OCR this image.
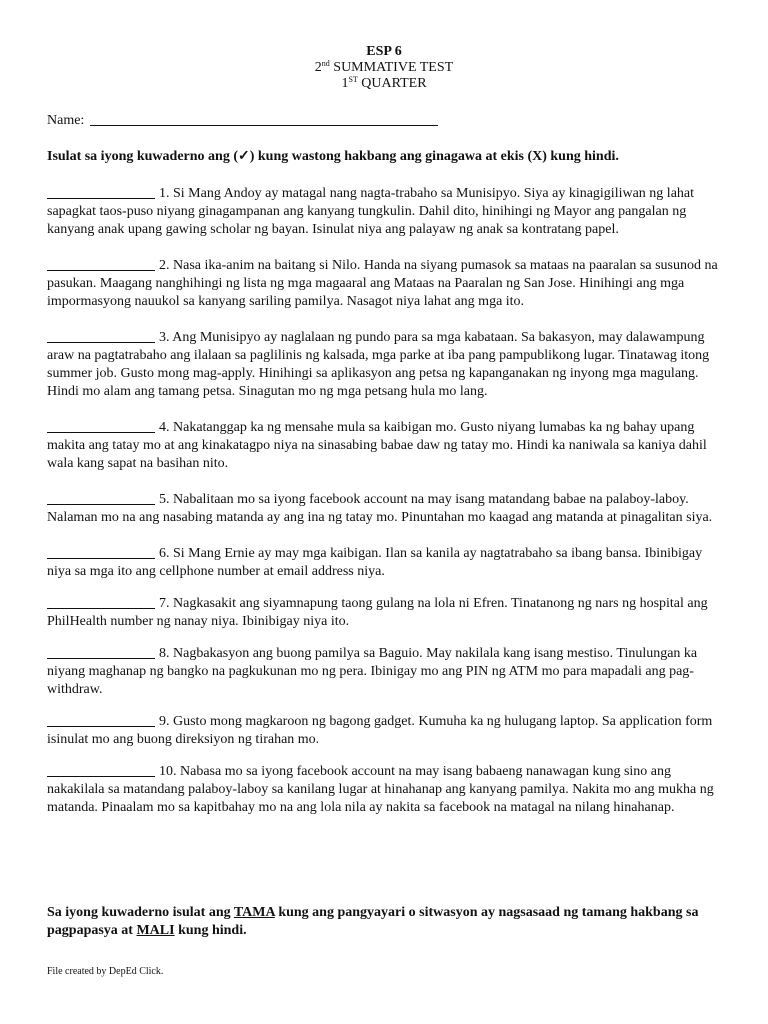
ESP 6
2nd SUMMATIVE TEST
1ST QUARTER
Name:
Isulat sa iyong kuwaderno ang (✓) kung wastong hakbang ang ginagawa at ekis (X) kung hindi.

1. Si Mang Andoy ay matagal nang nagta-trabaho sa Munisipyo. Siya ay kinagigiliwan ng lahat sapagkat taos-puso niyang ginagampanan ang kanyang tungkulin. Dahil dito, hinihingi ng Mayor ang pangalan ng kanyang anak upang gawing scholar ng bayan. Isinulat niya ang palayaw ng anak sa kontratang papel.

2. Nasa ika-anim na baitang si Nilo. Handa na siyang pumasok sa mataas na paaralan sa susunod na pasukan. Maagang nanghihingi ng lista ng mga magaaral ang Mataas na Paaralan ng San Jose. Hinihingi ang mga impormasyong nauukol sa kanyang sariling pamilya. Nasagot niya lahat ang mga ito.

3. Ang Munisipyo ay naglalaan ng pundo para sa mga kabataan. Sa bakasyon, may dalawampung araw na pagtatrabaho ang ilalaan sa paglilinis ng kalsada, mga parke at iba pang pampublikong lugar. Tinatawag itong summer job. Gusto mong mag-apply. Hinihingi sa aplikasyon ang petsa ng kapanganakan ng inyong mga magulang. Hindi mo alam ang tamang petsa. Sinagutan mo ng mga petsang hula mo lang.

4. Nakatanggap ka ng mensahe mula sa kaibigan mo. Gusto niyang lumabas ka ng bahay upang makita ang tatay mo at ang kinakatagpo niya na sinasabing babae daw ng tatay mo. Hindi ka naniwala sa kaniya dahil wala kang sapat na basihan nito.

5. Nabalitaan mo sa iyong facebook account na may isang matandang babae na palaboy-laboy. Nalaman mo na ang nasabing matanda ay ang ina ng tatay mo. Pinuntahan mo kaagad ang matanda at pinagalitan siya.

6. Si Mang Ernie ay may mga kaibigan. Ilan sa kanila ay nagtatrabaho sa ibang bansa. Ibinibigay niya sa mga ito ang cellphone number at email address niya.

7. Nagkasakit ang siyamnapung taong gulang na lola ni Efren. Tinatanong ng nars ng hospital ang PhilHealth number ng nanay niya. Ibinibigay niya ito.

8. Nagbakasyon ang buong pamilya sa Baguio. May nakilala kang isang mestiso. Tinulungan ka niyang maghanap ng bangko na pagkukunan mo ng pera. Ibinigay mo ang PIN ng ATM mo para mapadali ang pag-withdraw.

9. Gusto mong magkaroon ng bagong gadget. Kumuha ka ng hulugang laptop. Sa application form isinulat mo ang buong direksiyon ng tirahan mo.

10. Nabasa mo sa iyong facebook account na may isang babaeng nanawagan kung sino ang nakakilala sa matandang palaboy-laboy sa kanilang lugar at hinahanap ang kanyang pamilya. Nakita mo ang mukha ng matanda. Pinaalam mo sa kapitbahay mo na ang lola nila ay nakita sa facebook na matagal na nilang hinahanap.

Sa iyong kuwaderno isulat ang TAMA kung ang pangyayari o sitwasyon ay nagsasaad ng tamang hakbang sa pagpapasya at MALI kung hindi.
File created by DepEd Click.
